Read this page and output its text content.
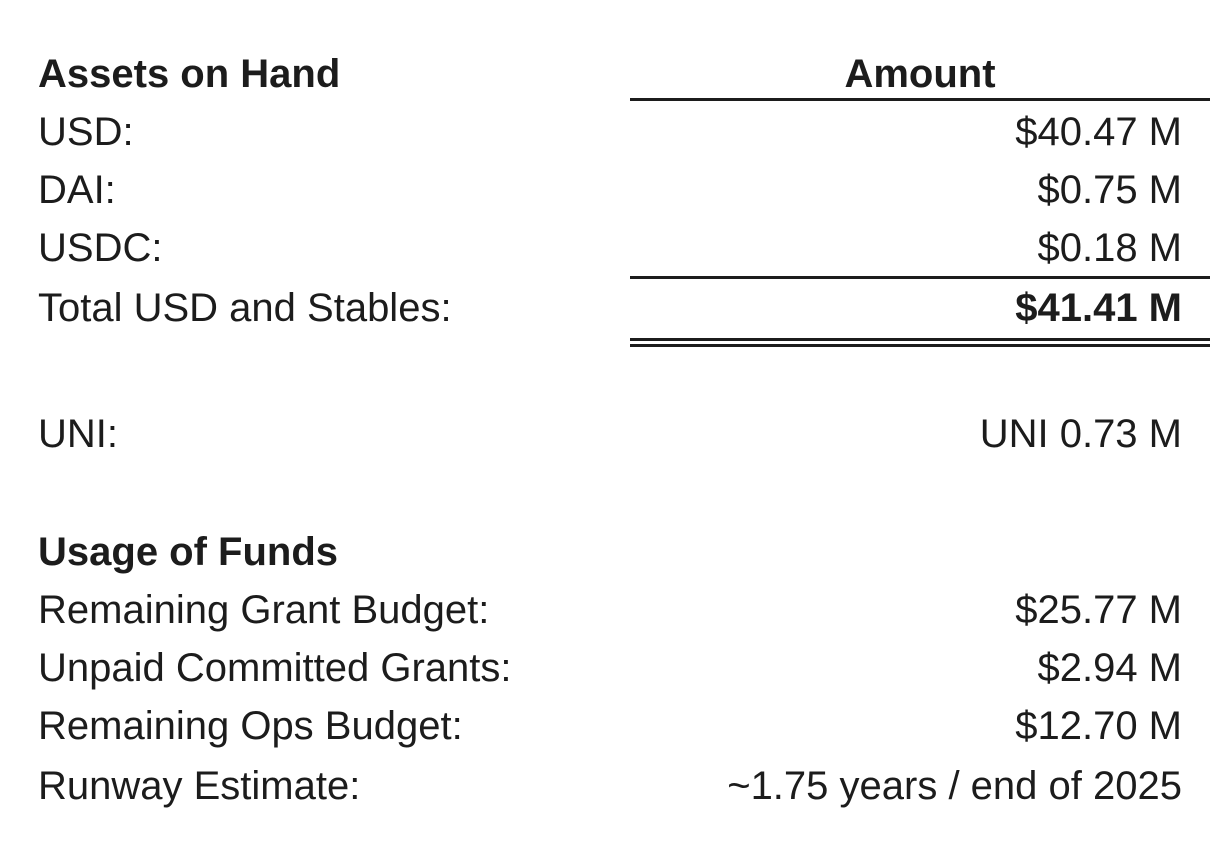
Assets on Hand	Amount
USD:	$40.47 M
DAI:	$0.75 M
USDC:	$0.18 M
Total USD and Stables:	$41.41 M
UNI:	UNI 0.73 M
Usage of Funds
Remaining Grant Budget:	$25.77 M
Unpaid Committed Grants:	$2.94 M
Remaining Ops Budget:	$12.70 M
Runway Estimate:	~1.75 years / end of 2025
